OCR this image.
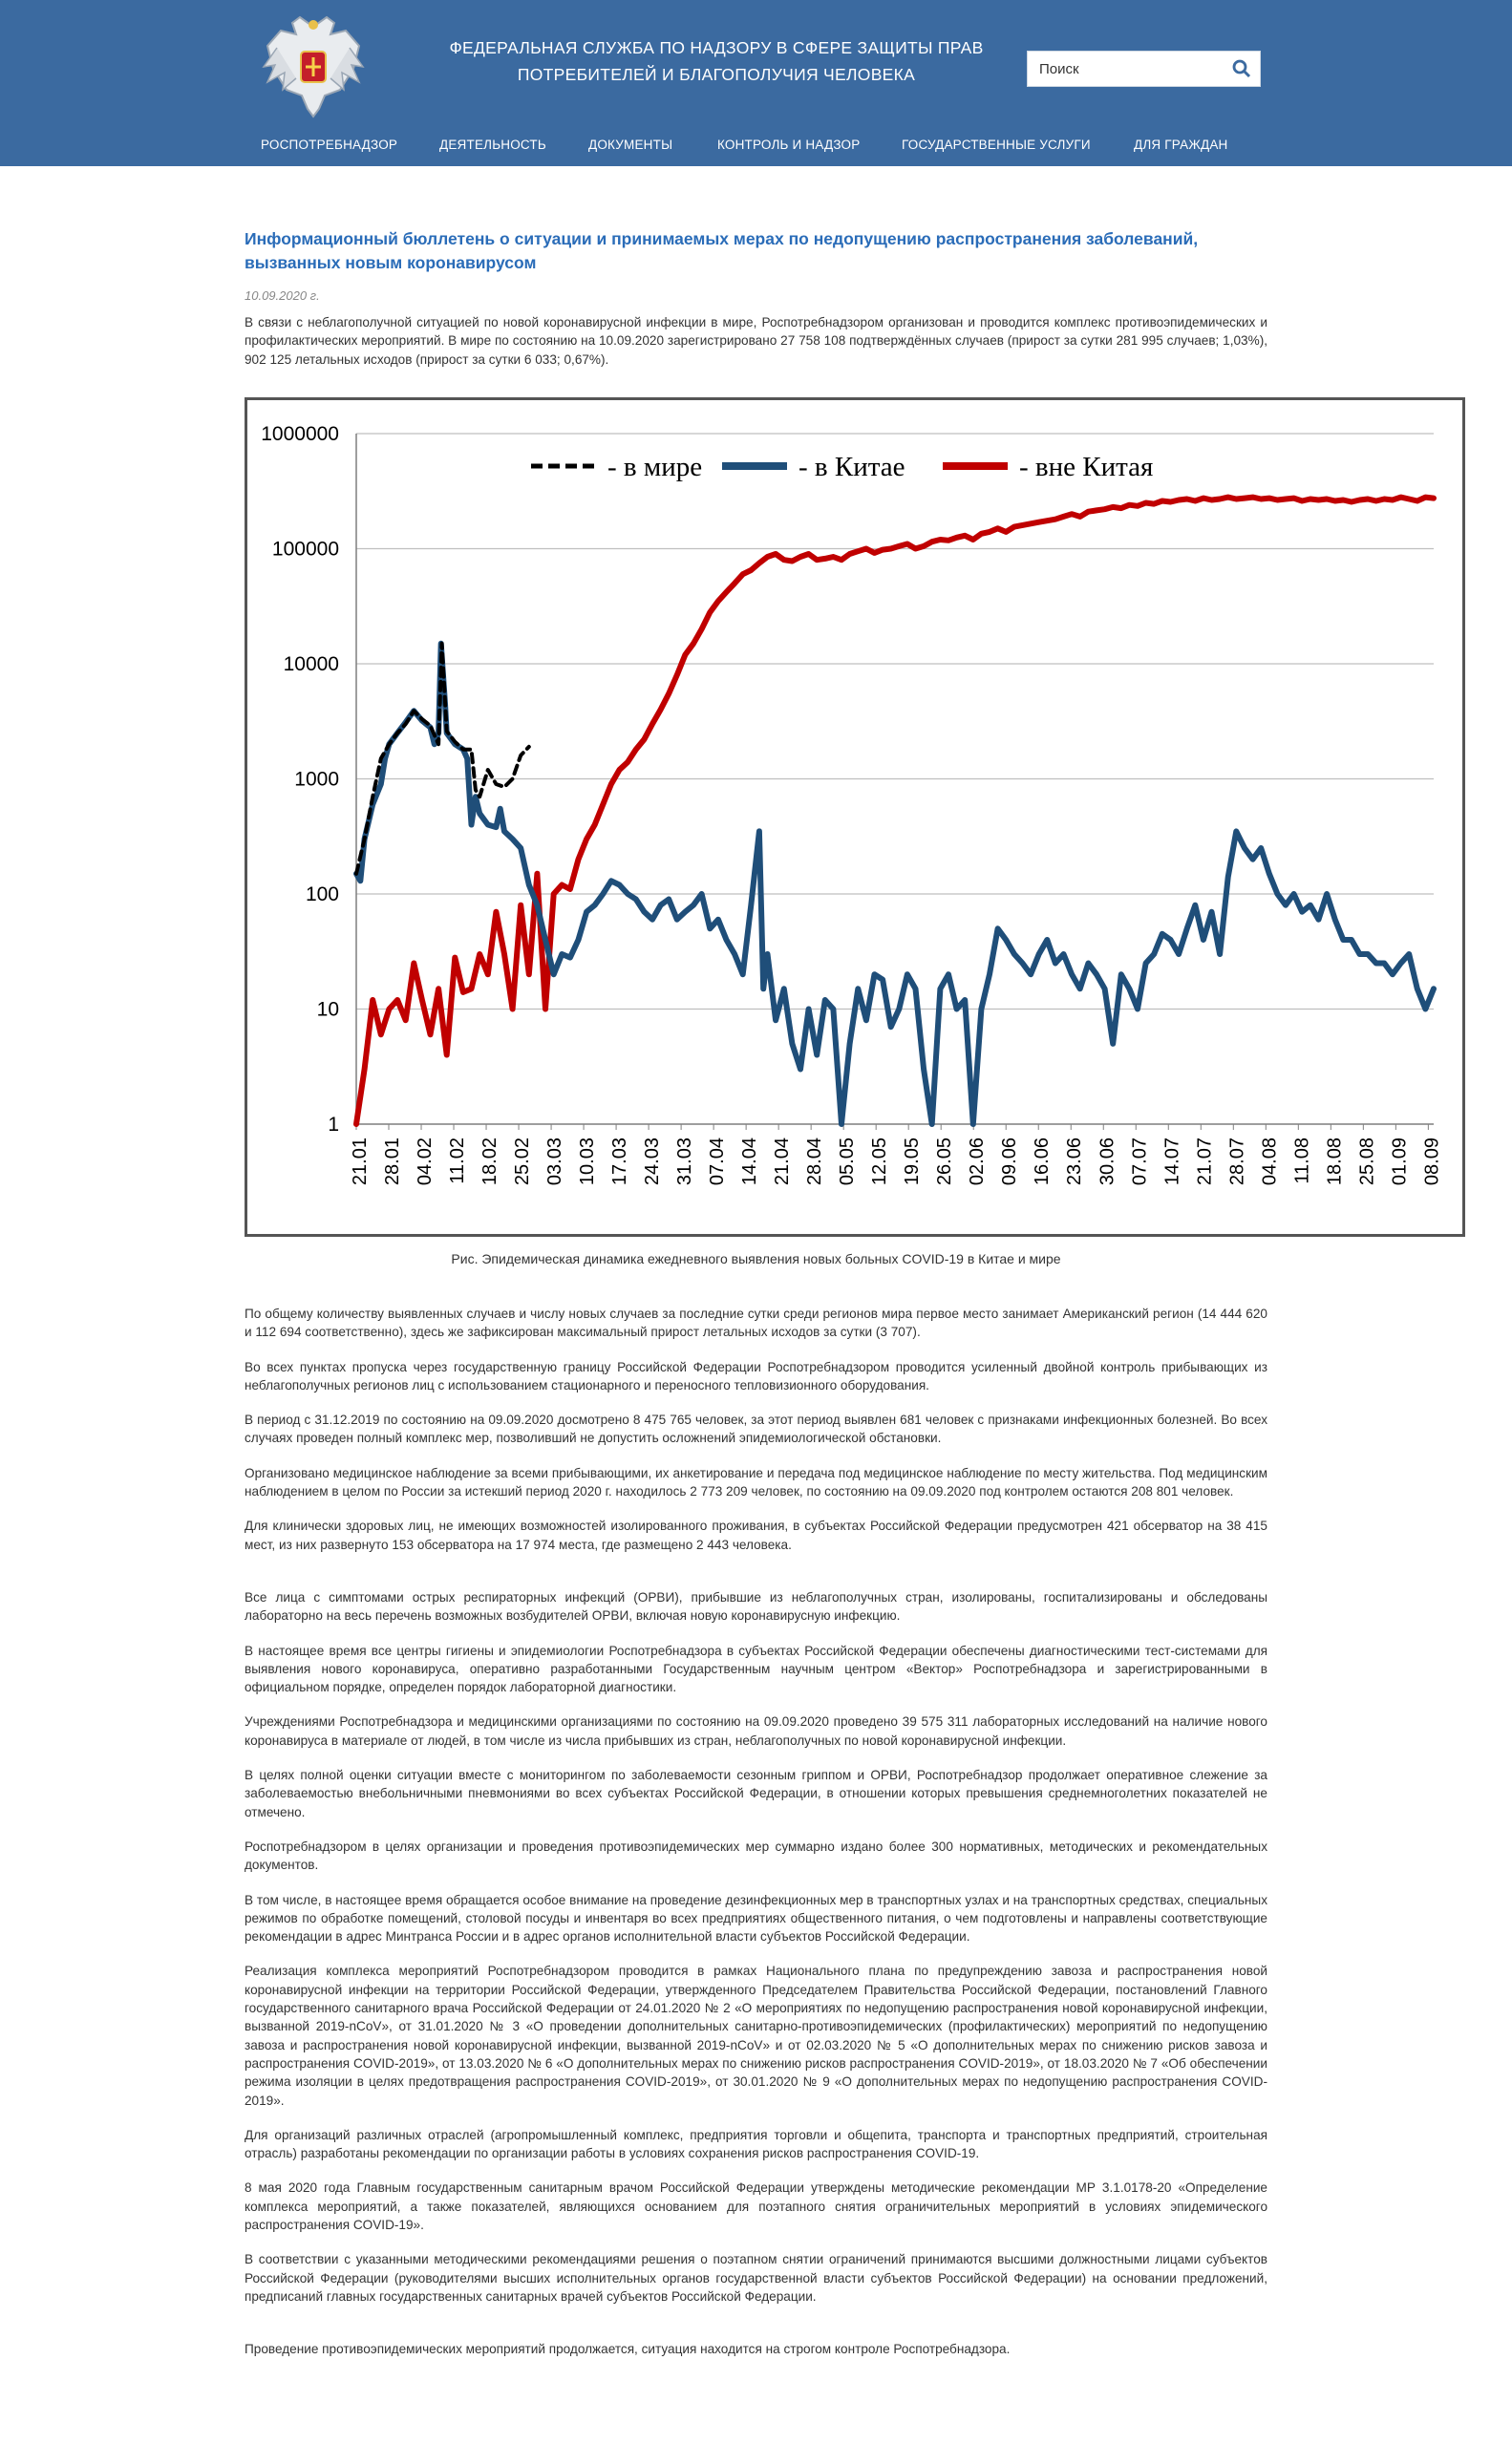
ФЕДЕРАЛЬНАЯ СЛУЖБА ПО НАДЗОРУ В СФЕРЕ ЗАЩИТЫ ПРАВ
ПОТРЕБИТЕЛЕЙ И БЛАГОПОЛУЧИЯ ЧЕЛОВЕКА
Поиск
РОСПОТРЕБНАДЗОР	ДЕЯТЕЛЬНОСТЬ	ДОКУМЕНТЫ	КОНТРОЛЬ И НАДЗОР	ГОСУДАРСТВЕННЫЕ УСЛУГИ	ДЛЯ ГРАЖДАН
Информационный бюллетень о ситуации и принимаемых мерах по недопущению распространения заболеваний, вызванных новым коронавирусом
10.09.2020 г.

В связи с неблагополучной ситуацией по новой коронавирусной инфекции в мире, Роспотребнадзором организован и проводится комплекс противоэпидемических и профилактических мероприятий. В мире по состоянию на 10.09.2020 зарегистрировано 27 758 108 подтверждённых случаев (прирост за сутки 281 995 случаев; 1,03%), 902 125 летальных исходов (прирост за сутки 6 033; 0,67%).

1
10
100
1000
10000
100000
1000000
21.01 28.01 04.02 11.02 18.02 25.02 03.03 10.03 17.03 24.03 31.03 07.04 14.04 21.04 28.04 05.05 12.05 19.05 26.05 02.06 09.06 16.06 23.06 30.06 07.07 14.07 21.07 28.07 04.08 11.08 18.08 25.08 01.09 08.09
- в мире	- в Китае	- вне Китая
Рис. Эпидемическая динамика ежедневного выявления новых больных COVID-19 в Китае и мире

По общему количеству выявленных случаев и числу новых случаев за последние сутки среди регионов мира первое место занимает Американский регион (14 444 620 и 112 694 соответственно), здесь же зафиксирован максимальный прирост летальных исходов за сутки (3 707).

Во всех пунктах пропуска через государственную границу Российской Федерации Роспотребнадзором проводится усиленный двойной контроль прибывающих из неблагополучных регионов лиц с использованием стационарного и переносного тепловизионного оборудования.

В период с 31.12.2019 по состоянию на 09.09.2020 досмотрено 8 475 765 человек, за этот период выявлен 681 человек с признаками инфекционных болезней. Во всех случаях проведен полный комплекс мер, позволивший не допустить осложнений эпидемиологической обстановки.

Организовано медицинское наблюдение за всеми прибывающими, их анкетирование и передача под медицинское наблюдение по месту жительства. Под медицинским наблюдением в целом по России за истекший период 2020 г. находилось 2 773 209 человек, по состоянию на 09.09.2020 под контролем остаются 208 801 человек.

Для клинически здоровых лиц, не имеющих возможностей изолированного проживания, в субъектах Российской Федерации предусмотрен 421 обсерватор на 38 415 мест, из них развернуто 153 обсерватора на 17 974 места, где размещено 2 443 человека.

Все лица с симптомами острых респираторных инфекций (ОРВИ), прибывшие из неблагополучных стран, изолированы, госпитализированы и обследованы лабораторно на весь перечень возможных возбудителей ОРВИ, включая новую коронавирусную инфекцию.

В настоящее время все центры гигиены и эпидемиологии Роспотребнадзора в субъектах Российской Федерации обеспечены диагностическими тест-системами для выявления нового коронавируса, оперативно разработанными Государственным научным центром «Вектор» Роспотребнадзора и зарегистрированными в официальном порядке, определен порядок лабораторной диагностики.

Учреждениями Роспотребнадзора и медицинскими организациями по состоянию на 09.09.2020 проведено 39 575 311 лабораторных исследований на наличие нового коронавируса в материале от людей, в том числе из числа прибывших из стран, неблагополучных по новой коронавирусной инфекции.

В целях полной оценки ситуации вместе с мониторингом по заболеваемости сезонным гриппом и ОРВИ, Роспотребнадзор продолжает оперативное слежение за заболеваемостью внебольничными пневмониями во всех субъектах Российской Федерации, в отношении которых превышения среднемноголетних показателей не отмечено.

Роспотребнадзором в целях организации и проведения противоэпидемических мер суммарно издано более 300 нормативных, методических и рекомендательных документов.

В том числе, в настоящее время обращается особое внимание на проведение дезинфекционных мер в транспортных узлах и на транспортных средствах, специальных режимов по обработке помещений, столовой посуды и инвентаря во всех предприятиях общественного питания, о чем подготовлены и направлены соответствующие рекомендации в адрес Минтранса России и в адрес органов исполнительной власти субъектов Российской Федерации.

Реализация комплекса мероприятий Роспотребнадзором проводится в рамках Национального плана по предупреждению завоза и распространения новой коронавирусной инфекции на территории Российской Федерации, утвержденного Председателем Правительства Российской Федерации, постановлений Главного государственного санитарного врача Российской Федерации от 24.01.2020 № 2 «О мероприятиях по недопущению распространения новой коронавирусной инфекции, вызванной 2019-nCoV», от 31.01.2020 № 3 «О проведении дополнительных санитарно-противоэпидемических (профилактических) мероприятий по недопущению завоза и распространения новой коронавирусной инфекции, вызванной 2019-nCoV» и от 02.03.2020 № 5 «О дополнительных мерах по снижению рисков завоза и распространения COVID-2019», от 13.03.2020 № 6 «О дополнительных мерах по снижению рисков распространения COVID-2019», от 18.03.2020 № 7 «Об обеспечении режима изоляции в целях предотвращения распространения COVID-2019», от 30.01.2020 № 9 «О дополнительных мерах по недопущению распространения COVID-2019».

Для организаций различных отраслей (агропромышленный комплекс, предприятия торговли и общепита, транспорта и транспортных предприятий, строительная отрасль) разработаны рекомендации по организации работы в условиях сохранения рисков распространения COVID-19.

8 мая 2020 года Главным государственным санитарным врачом Российской Федерации утверждены методические рекомендации МР 3.1.0178-20 «Определение комплекса мероприятий, а также показателей, являющихся основанием для поэтапного снятия ограничительных мероприятий в условиях эпидемического распространения COVID-19».

В соответствии с указанными методическими рекомендациями решения о поэтапном снятии ограничений принимаются высшими должностными лицами субъектов Российской Федерации (руководителями высших исполнительных органов государственной власти субъектов Российской Федерации) на основании предложений, предписаний главных государственных санитарных врачей субъектов Российской Федерации.

Проведение противоэпидемических мероприятий продолжается, ситуация находится на строгом контроле Роспотребнадзора.
